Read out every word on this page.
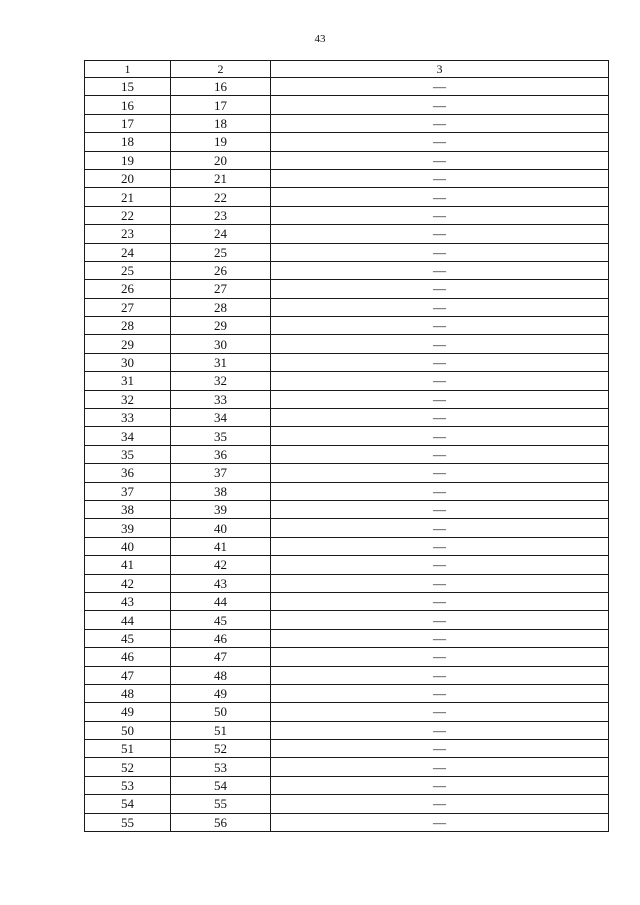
43
1	2	3
15	16	—
16	17	—
17	18	—
18	19	—
19	20	—
20	21	—
21	22	—
22	23	—
23	24	—
24	25	—
25	26	—
26	27	—
27	28	—
28	29	—
29	30	—
30	31	—
31	32	—
32	33	—
33	34	—
34	35	—
35	36	—
36	37	—
37	38	—
38	39	—
39	40	—
40	41	—
41	42	—
42	43	—
43	44	—
44	45	—
45	46	—
46	47	—
47	48	—
48	49	—
49	50	—
50	51	—
51	52	—
52	53	—
53	54	—
54	55	—
55	56	—
